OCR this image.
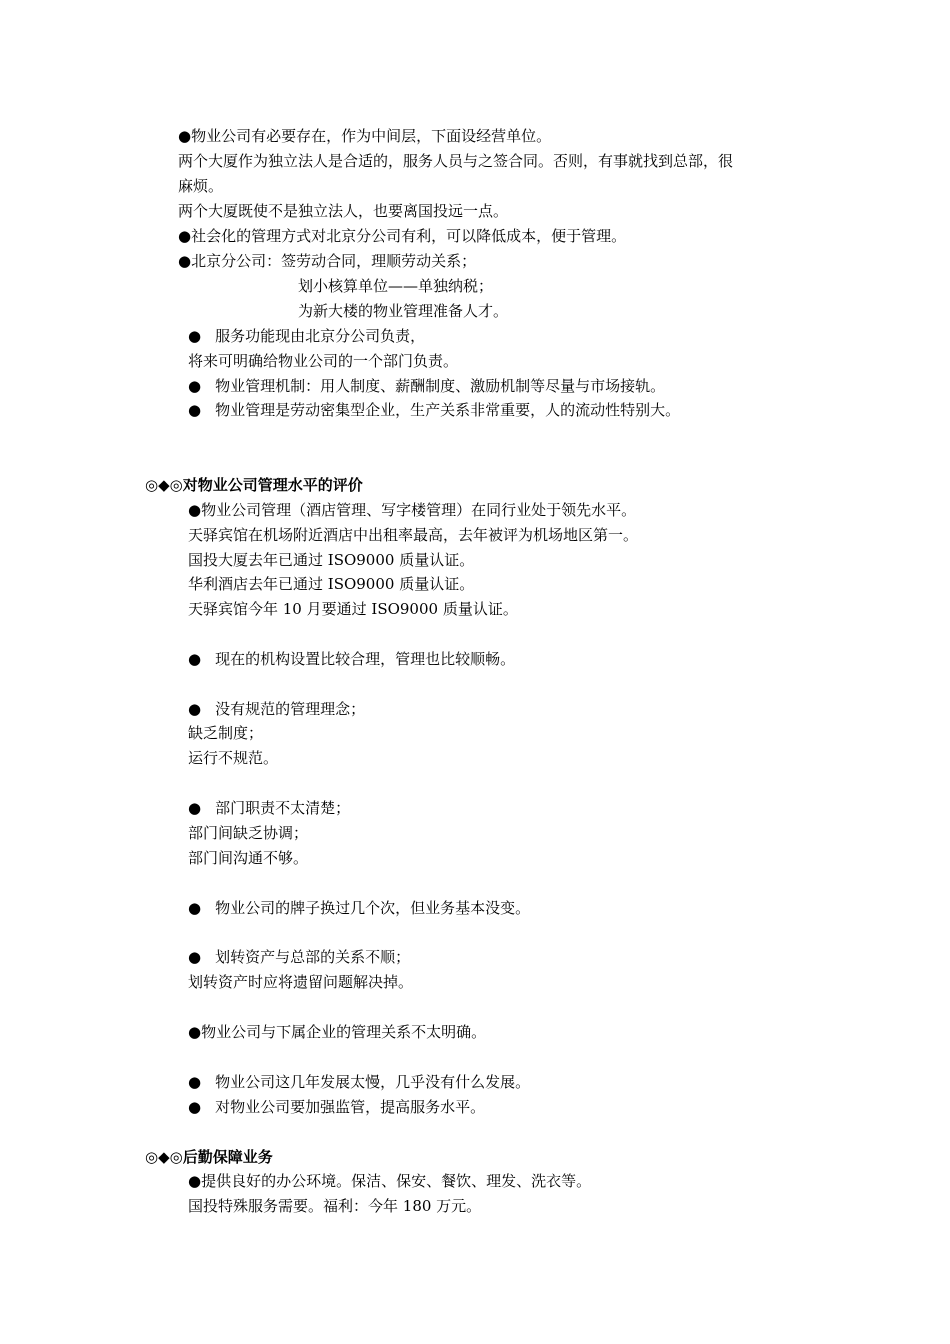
●物业公司有必要存在，作为中间层，下面设经营单位。
两个大厦作为独立法人是合适的，服务人员与之签合同。否则，有事就找到总部，很
麻烦。
两个大厦既使不是独立法人，也要离国投远一点。
●社会化的管理方式对北京分公司有利，可以降低成本，便于管理。
●北京分公司：签劳动合同，理顺劳动关系；
划小核算单位——单独纳税；
为新大楼的物业管理准备人才。
● 服务功能现由北京分公司负责，
将来可明确给物业公司的一个部门负责。
● 物业管理机制：用人制度、薪酬制度、激励机制等尽量与市场接轨。
● 物业管理是劳动密集型企业，生产关系非常重要，人的流动性特别大。
◎◆◎对物业公司管理水平的评价
●物业公司管理（酒店管理、写字楼管理）在同行业处于领先水平。
天驿宾馆在机场附近酒店中出租率最高，去年被评为机场地区第一。
国投大厦去年已通过 ISO9000 质量认证。
华利酒店去年已通过 ISO9000 质量认证。
天驿宾馆今年 10 月要通过 ISO9000 质量认证。
● 现在的机构设置比较合理，管理也比较顺畅。
● 没有规范的管理理念；
缺乏制度；
运行不规范。
● 部门职责不太清楚；
部门间缺乏协调；
部门间沟通不够。
● 物业公司的牌子换过几个次，但业务基本没变。
● 划转资产与总部的关系不顺；
划转资产时应将遗留问题解决掉。
●物业公司与下属企业的管理关系不太明确。
● 物业公司这几年发展太慢，几乎没有什么发展。
● 对物业公司要加强监管，提高服务水平。
◎◆◎后勤保障业务
●提供良好的办公环境。保洁、保安、餐饮、理发、洗衣等。
国投特殊服务需要。福利：今年 180 万元。
